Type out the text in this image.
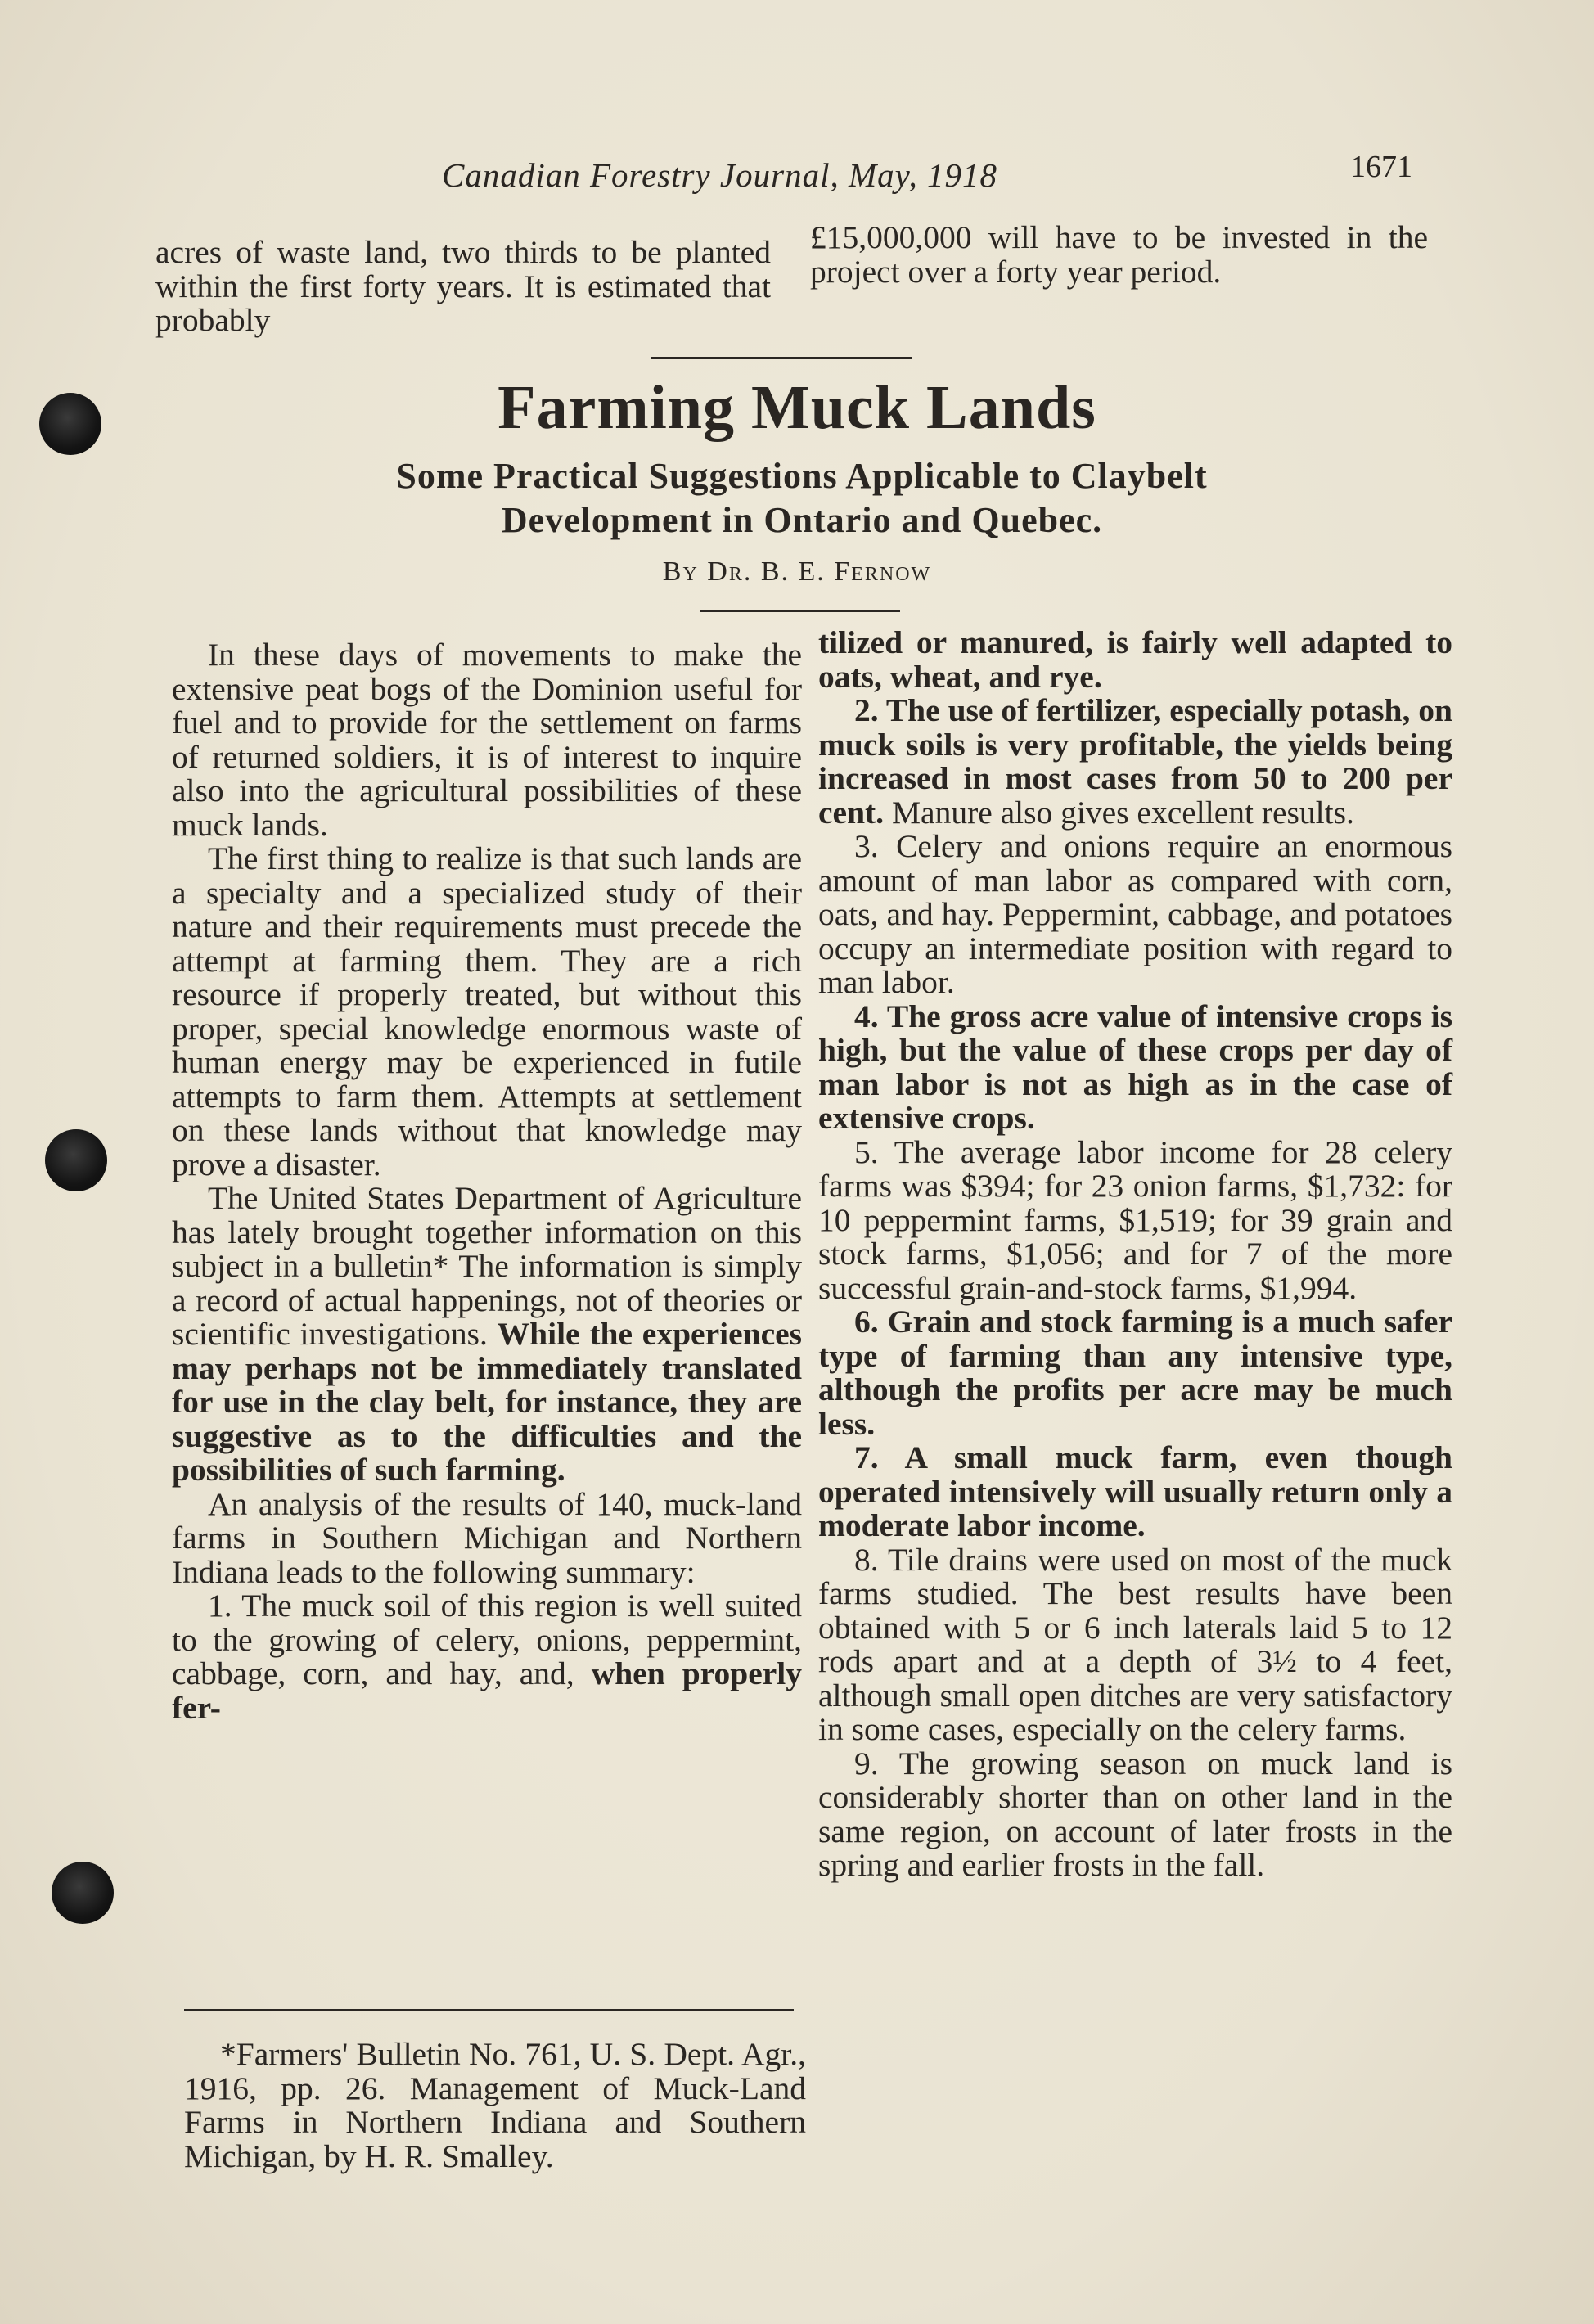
Canadian Forestry Journal, May, 1918	1671

acres of waste land, two thirds to be planted within the first forty years. It is estimated that probably

£15,000,000 will have to be invested in the project over a forty year period.

Farming Muck Lands
Some Practical Suggestions Applicable to Claybelt Development in Ontario and Quebec.
By Dr. B. E. Fernow

In these days of movements to make the extensive peat bogs of the Dominion useful for fuel and to provide for the settlement on farms of returned soldiers, it is of interest to inquire also into the agricultural possibilities of these muck lands.

The first thing to realize is that such lands are a specialty and a specialized study of their nature and their requirements must precede the attempt at farming them. They are a rich resource if properly treated, but without this proper, special knowledge enormous waste of human energy may be experienced in futile attempts to farm them. Attempts at settlement on these lands without that knowledge may prove a disaster.

The United States Department of Agriculture has lately brought together information on this subject in a bulletin* The information is simply a record of actual happenings, not of theories or scientific investigations. While the experiences may perhaps not be immediately translated for use in the clay belt, for instance, they are suggestive as to the difficulties and the possibilities of such farming.

An analysis of the results of 140, muck-land farms in Southern Michigan and Northern Indiana leads to the following summary:

1. The muck soil of this region is well suited to the growing of celery, onions, peppermint, cabbage, corn, and hay, and, when properly fer-

tilized or manured, is fairly well adapted to oats, wheat, and rye.

2. The use of fertilizer, especially potash, on muck soils is very profitable, the yields being increased in most cases from 50 to 200 per cent. Manure also gives excellent results.

3. Celery and onions require an enormous amount of man labor as compared with corn, oats, and hay. Peppermint, cabbage, and potatoes occupy an intermediate position with regard to man labor.

4. The gross acre value of intensive crops is high, but the value of these crops per day of man labor is not as high as in the case of extensive crops.

5. The average labor income for 28 celery farms was $394; for 23 onion farms, $1,732: for 10 peppermint farms, $1,519; for 39 grain and stock farms, $1,056; and for 7 of the more successful grain-and-stock farms, $1,994.

6. Grain and stock farming is a much safer type of farming than any intensive type, although the profits per acre may be much less.

7. A small muck farm, even though operated intensively will usually return only a moderate labor income.

8. Tile drains were used on most of the muck farms studied. The best results have been obtained with 5 or 6 inch laterals laid 5 to 12 rods apart and at a depth of 3½ to 4 feet, although small open ditches are very satisfactory in some cases, especially on the celery farms.

9. The growing season on muck land is considerably shorter than on other land in the same region, on account of later frosts in the spring and earlier frosts in the fall.

*Farmers' Bulletin No. 761, U. S. Dept. Agr., 1916, pp. 26. Management of Muck-Land Farms in Northern Indiana and Southern Michigan, by H. R. Smalley.
